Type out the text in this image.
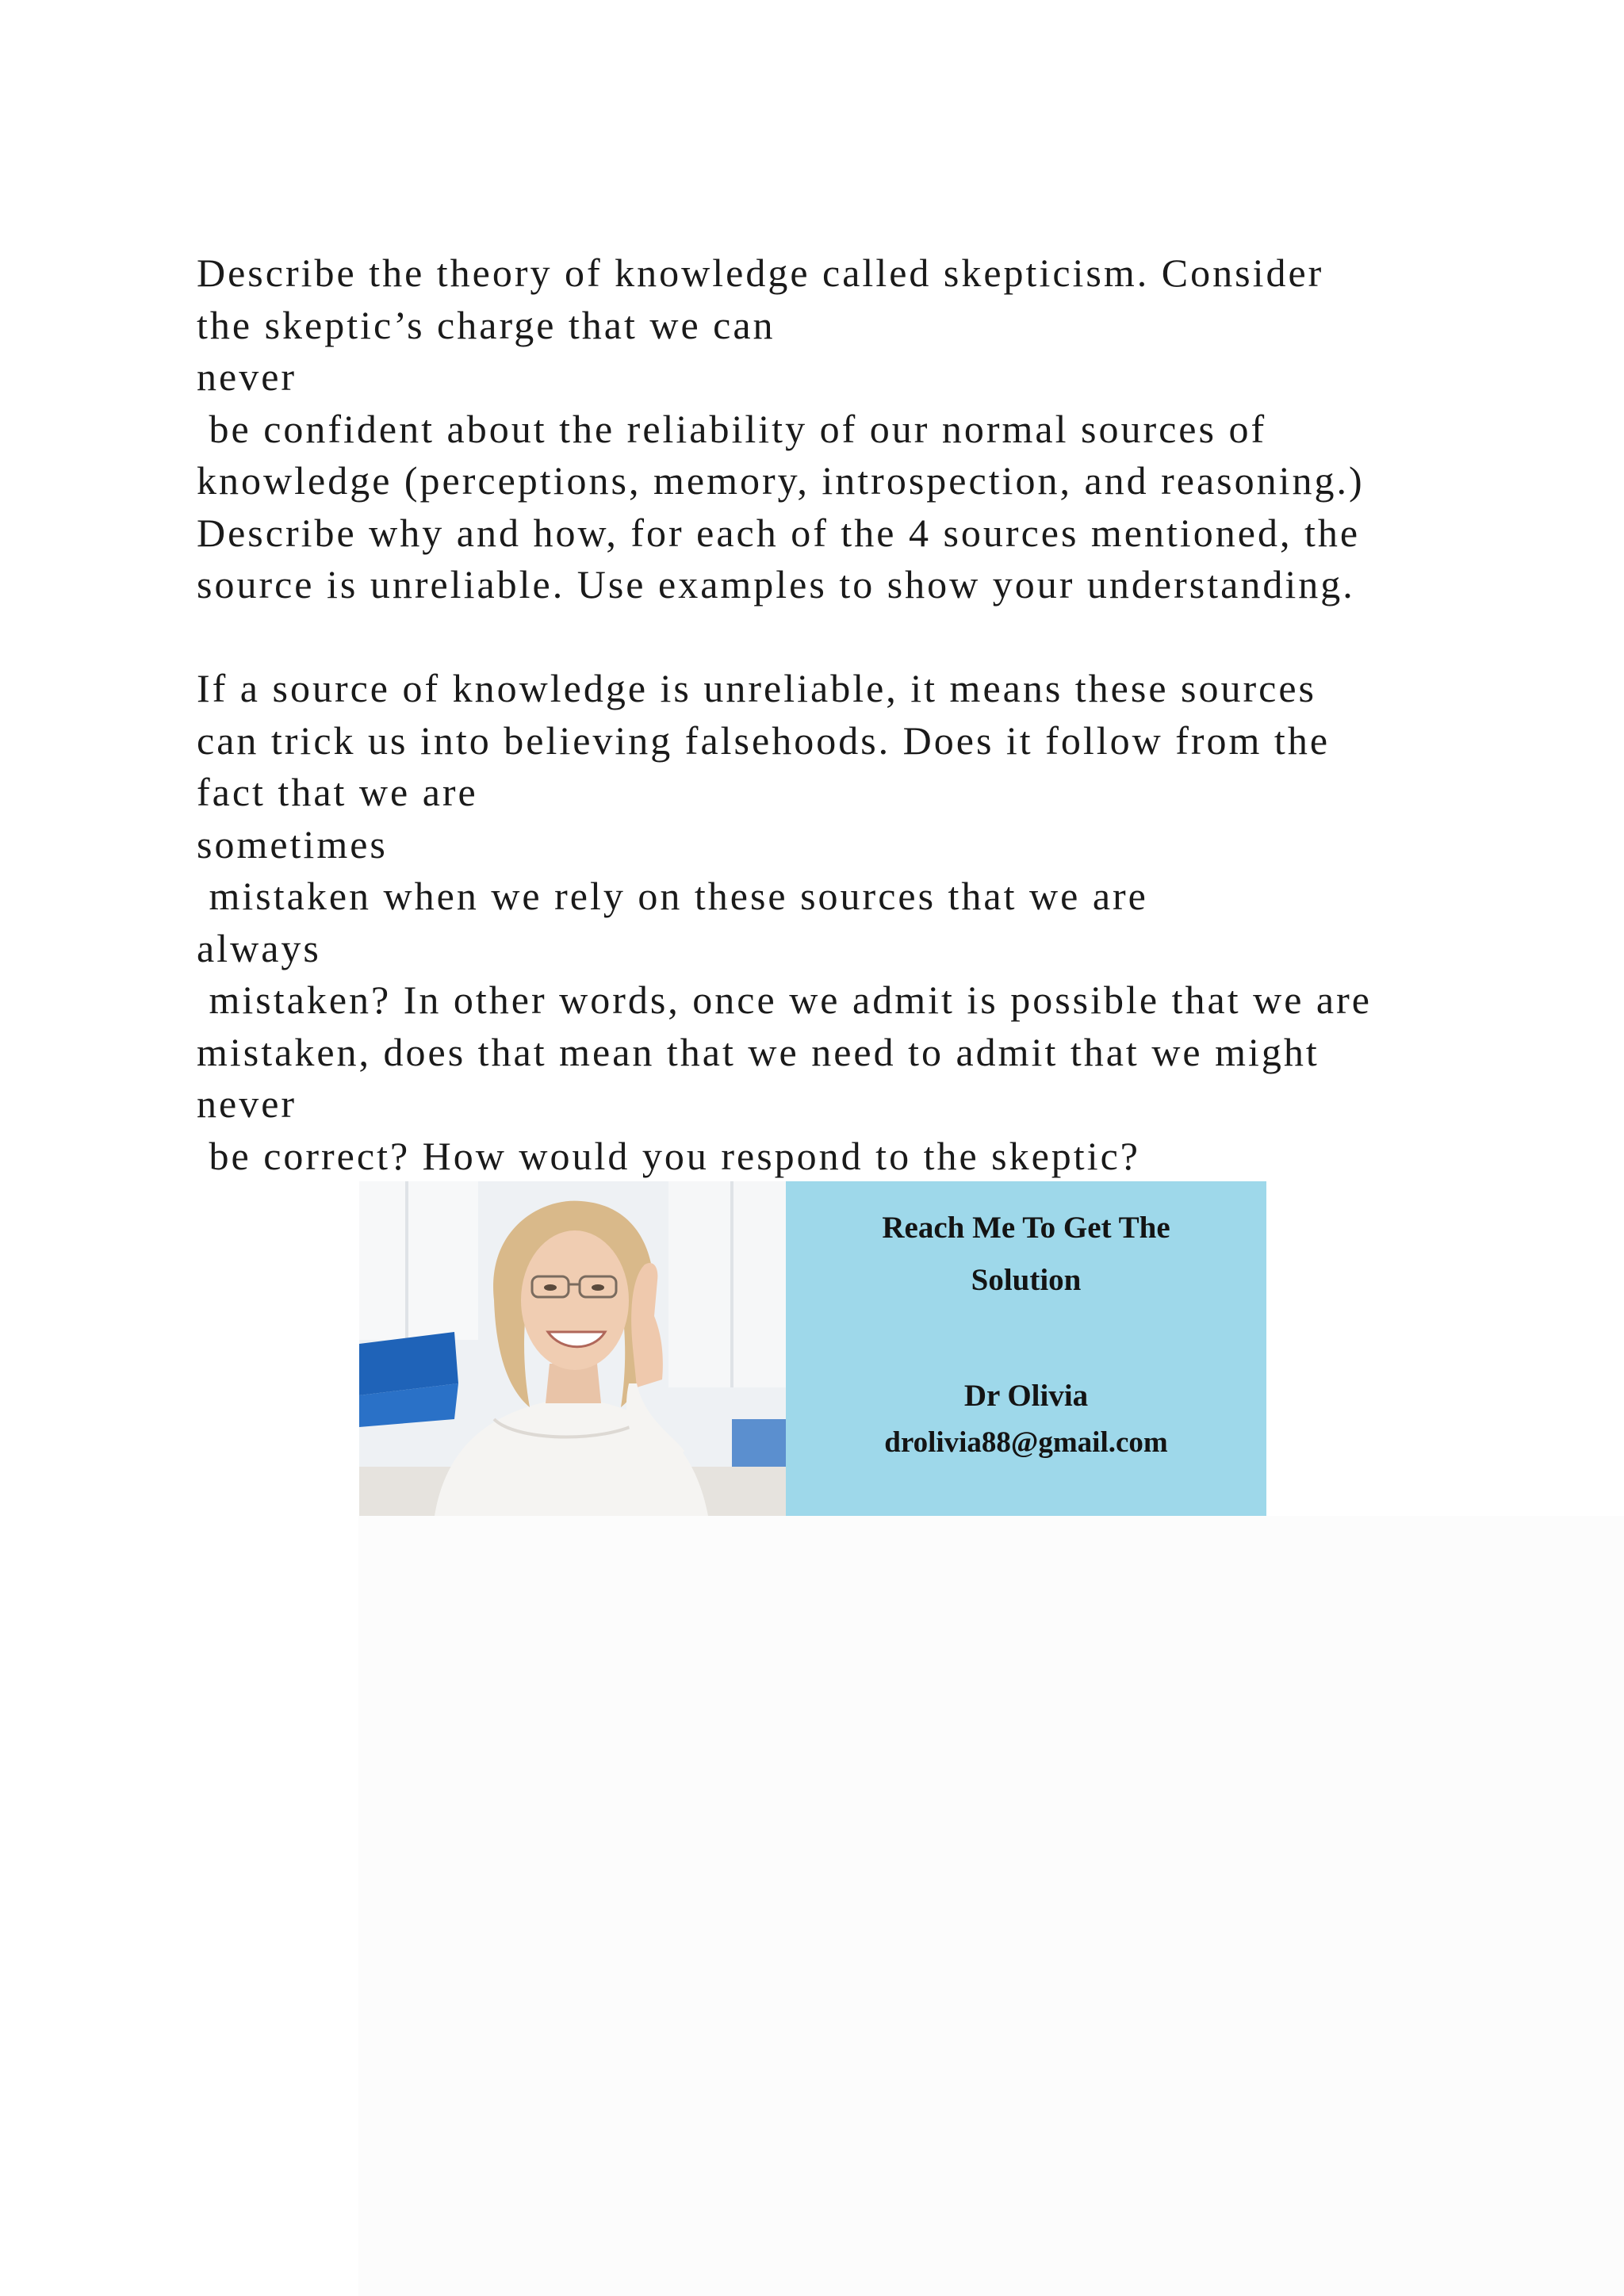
Describe the theory of knowledge called skepticism. Consider
the skeptic’s charge that we can
never
be confident about the reliability of our normal sources of
knowledge (perceptions, memory, introspection, and reasoning.)
Describe why and how, for each of the 4 sources mentioned, the
source is unreliable. Use examples to show your understanding.
If a source of knowledge is unreliable, it means these sources
can trick us into believing falsehoods. Does it follow from the
fact that we are
sometimes
mistaken when we rely on these sources that we are
always
mistaken? In other words, once we admit is possible that we are
mistaken, does that mean that we need to admit that we might
never
be correct? How would you respond to the skeptic?
Reach Me To Get The
Solution
Dr Olivia
drolivia88@gmail.com
